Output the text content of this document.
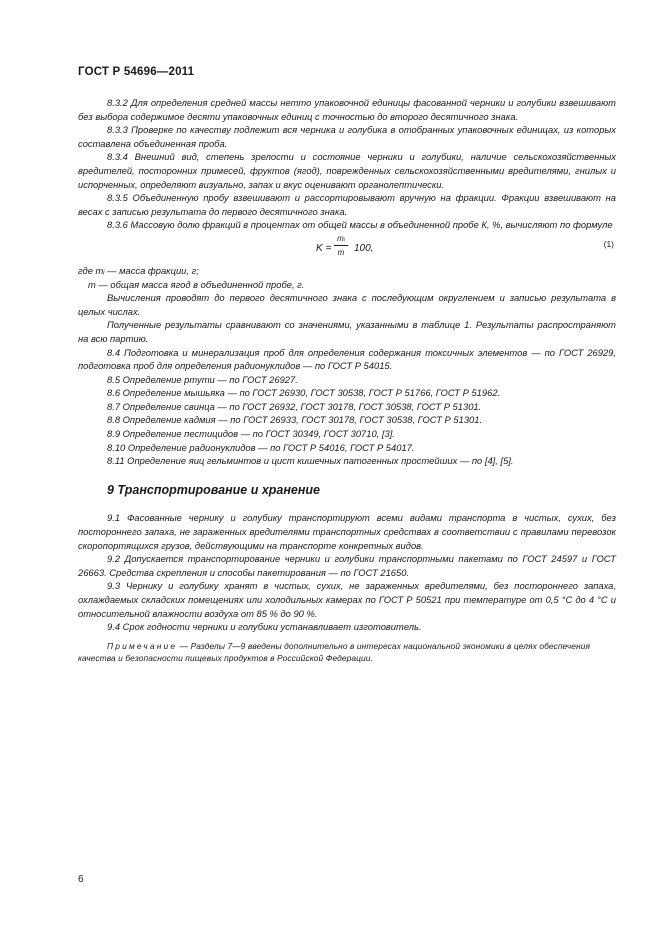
ГОСТ Р 54696—2011

8.3.2 Для определения средней массы нетто упаковочной единицы фасованной черники и голубики взвешивают без выбора содержимое десяти упаковочных единиц с точностью до второго десятичного знака.

8.3.3 Проверке по качеству подлежит вся черника и голубика в отобранных упаковочных единицах, из которых составлена объединенная проба.

8.3.4 Внешний вид, степень зрелости и состояние черники и голубики, наличие сельскохозяйственных вредителей, посторонних примесей, фруктов (ягод), поврежденных сельскохозяйственными вредителями, гнилых и испорченных, определяют визуально, запах и вкус оценивают органолептически.

8.3.5 Объединенную пробу взвешивают и рассортировывают вручную на фракции. Фракции взвешивают на весах с записью результата до первого десятичного знака.

8.3.6 Массовую долю фракций в процентах от общей массы в объединенной пробе К, %, вычисляют по формуле

$K = \frac{\text{mᵢ}}{m} 100$,	(1)

где mᵢ — масса фракции, г;

m — общая масса ягод в объединенной пробе, г.

Вычисления проводят до первого десятичного знака с последующим округлением и записью результата в целых числах.

Полученные результаты сравнивают со значениями, указанными в таблице 1. Результаты распространяют на всю партию.

8.4 Подготовка и минерализация проб для определения содержания токсичных элементов — по ГОСТ 26929, подготовка проб для определения радионуклидов — по ГОСТ Р 54015.

8.5 Определение ртути — по ГОСТ 26927.

8.6 Определение мышьяка — по ГОСТ 26930, ГОСТ 30538, ГОСТ Р 51766, ГОСТ Р 51962.

8.7 Определение свинца — по ГОСТ 26932, ГОСТ 30178, ГОСТ 30538, ГОСТ Р 51301.

8.8 Определение кадмия — по ГОСТ 26933, ГОСТ 30178, ГОСТ 30538, ГОСТ Р 51301.

8.9 Определение пестицидов — по ГОСТ 30349, ГОСТ 30710, [3].

8.10 Определение радионуклидов — по ГОСТ Р 54016, ГОСТ Р 54017.

8.11 Определение яиц гельминтов и цист кишечных патогенных простейших — по [4], [5].

9 Транспортирование и хранение

9.1 Фасованные чернику и голубику транспортируют всеми видами транспорта в чистых, сухих, без постороннего запаха, не зараженных вредителями транспортных средствах в соответствии с правилами перевозок скоропортящихся грузов, действующими на транспорте конкретных видов.

9.2 Допускается транспортирование черники и голубики транспортными пакетами по ГОСТ 24597 и ГОСТ 26663. Средства скрепления и способы пакетирования — по ГОСТ 21650.

9.3 Чернику и голубику хранят в чистых, сухих, не зараженных вредителями, без постороннего запаха, охлаждаемых складских помещениях или холодильных камерах по ГОСТ Р 50521 при температуре от 0,5 °С до 4 °С и относительной влажности воздуха от 85 % до 90 %.

9.4 Срок годности черники и голубики устанавливает изготовитель.

Примечание — Разделы 7—9 введены дополнительно в интересах национальной экономики в целях обеспечения качества и безопасности пищевых продуктов в Российской Федерации.

6
